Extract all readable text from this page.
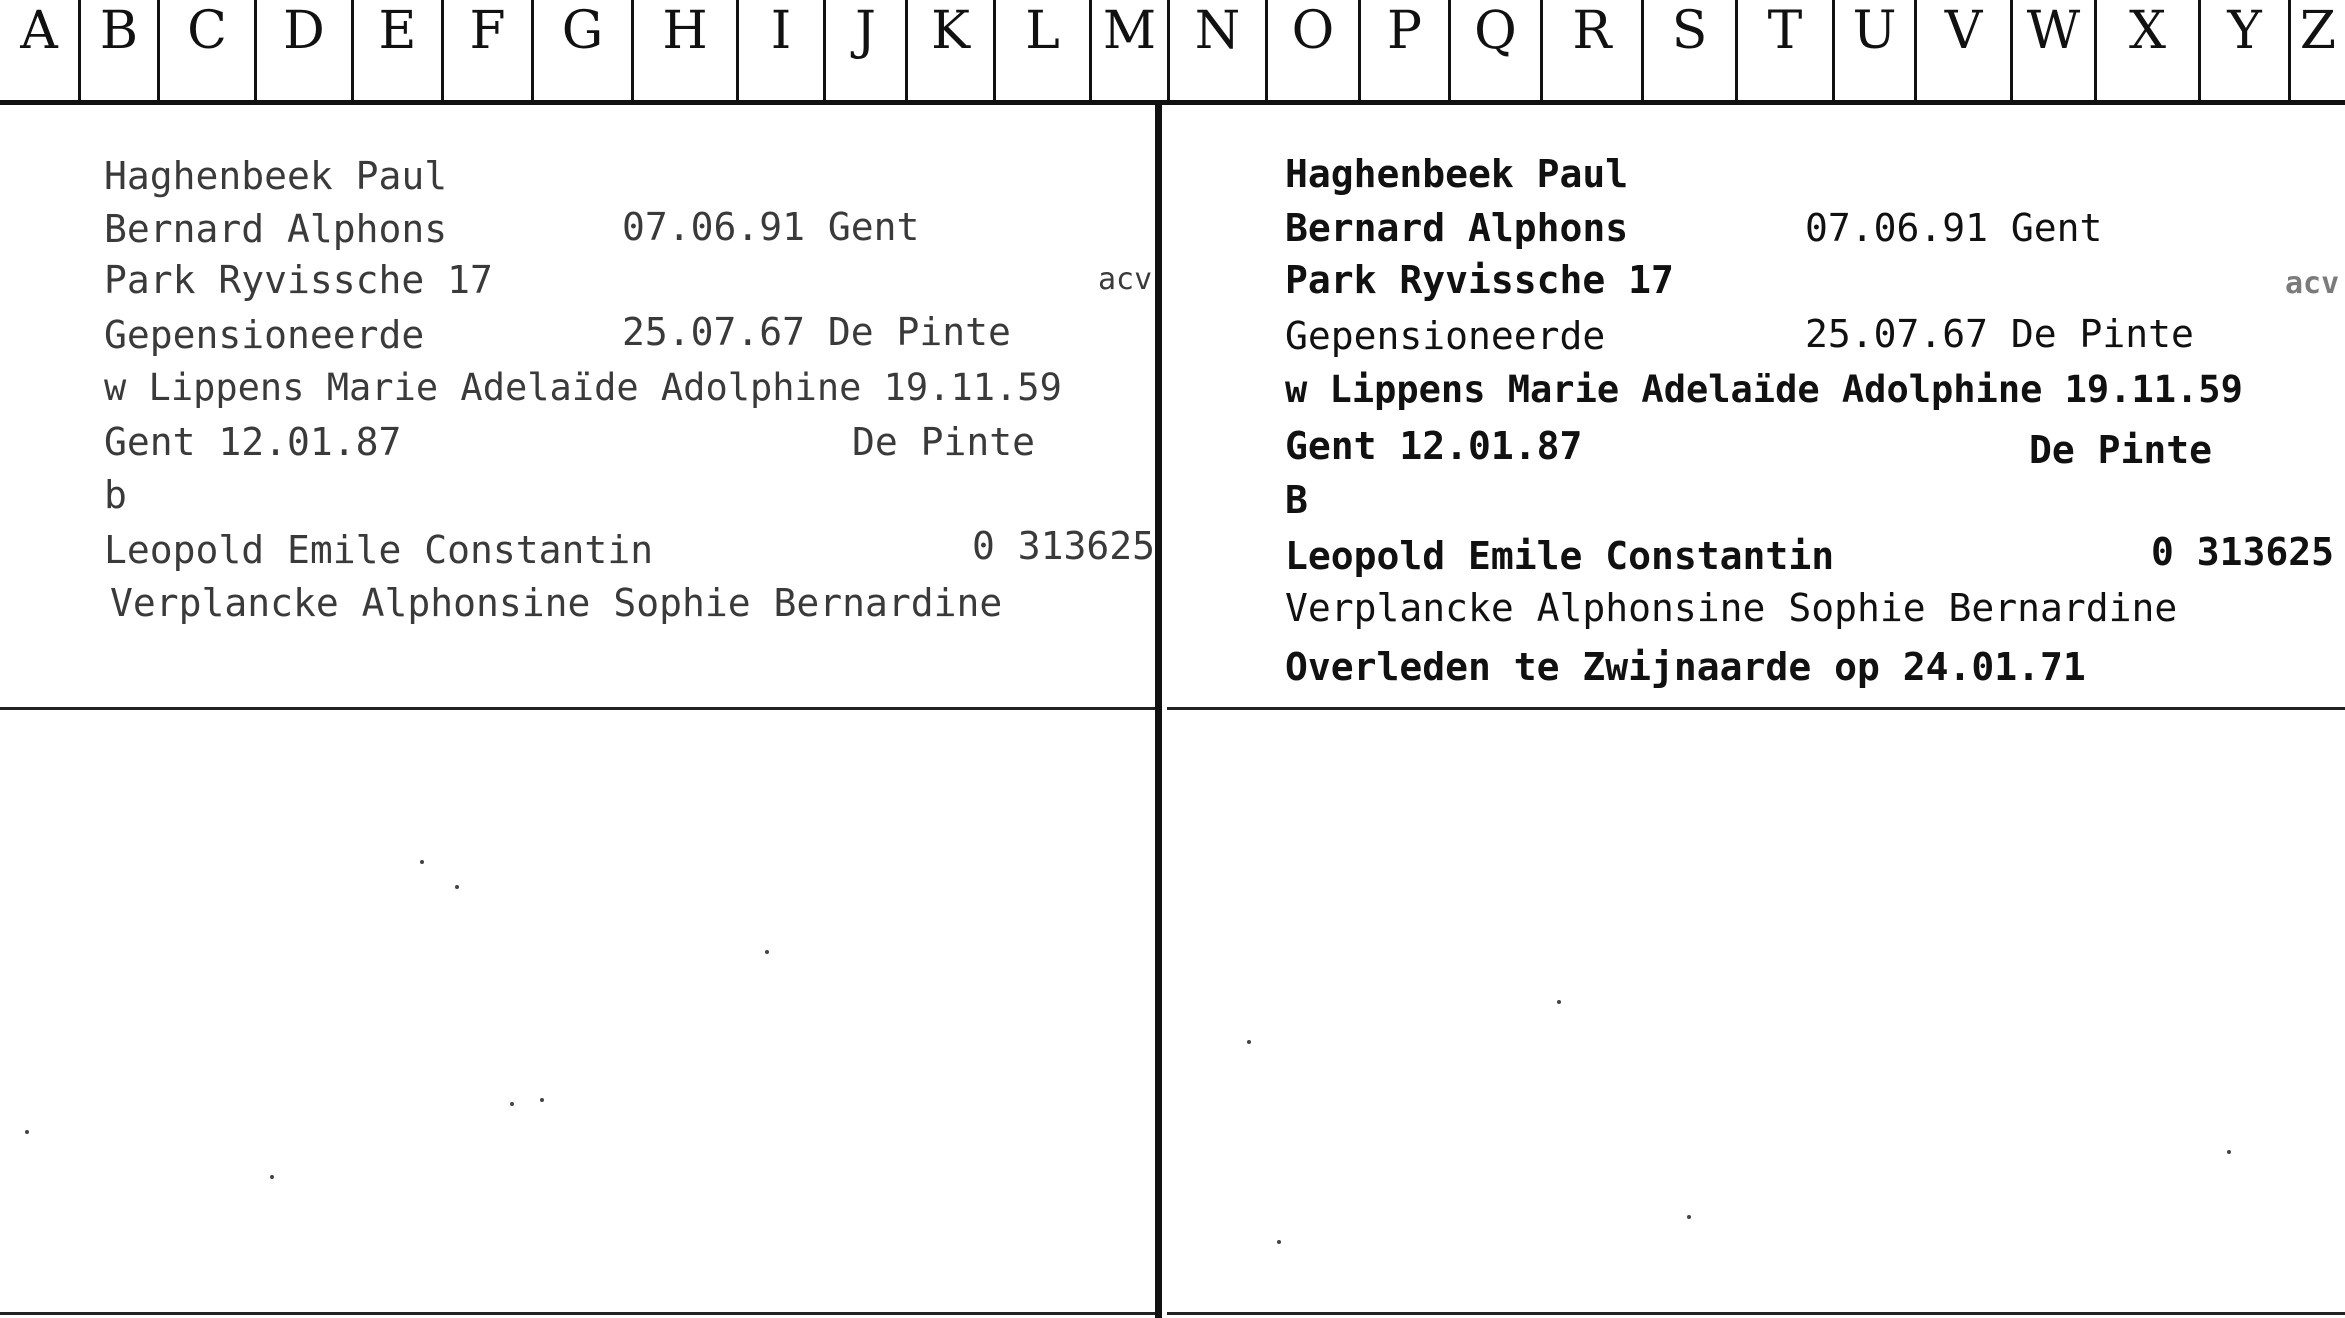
A B C	D	E	F	G	H	I	J	K	L M N O	P	Q	R	S	T U V W X	Y Z
Haghenbeek Paul
Bernard Alphons	07.06.91 Gent
Park Ryvissche 17	acv
Gepensioneerde	25.07.67 De Pinte
w Lippens Marie Adelaïde Adolphine 19.11.59
Gent 12.01.87	De Pinte
b
Leopold Emile Constantin	0 313625
Verplancke Alphonsine Sophie Bernardine
Haghenbeek Paul
Bernard Alphons	07.06.91 Gent
Park Ryvissche 17	acv
Gepensioneerde	25.07.67 De Pinte
w Lippens Marie Adelaïde Adolphine 19.11.59
Gent 12.01.87	De Pinte
B
Leopold Emile Constantin	0 313625
Verplancke Alphonsine Sophie Bernardine
Overleden te Zwijnaarde op 24.01.71
